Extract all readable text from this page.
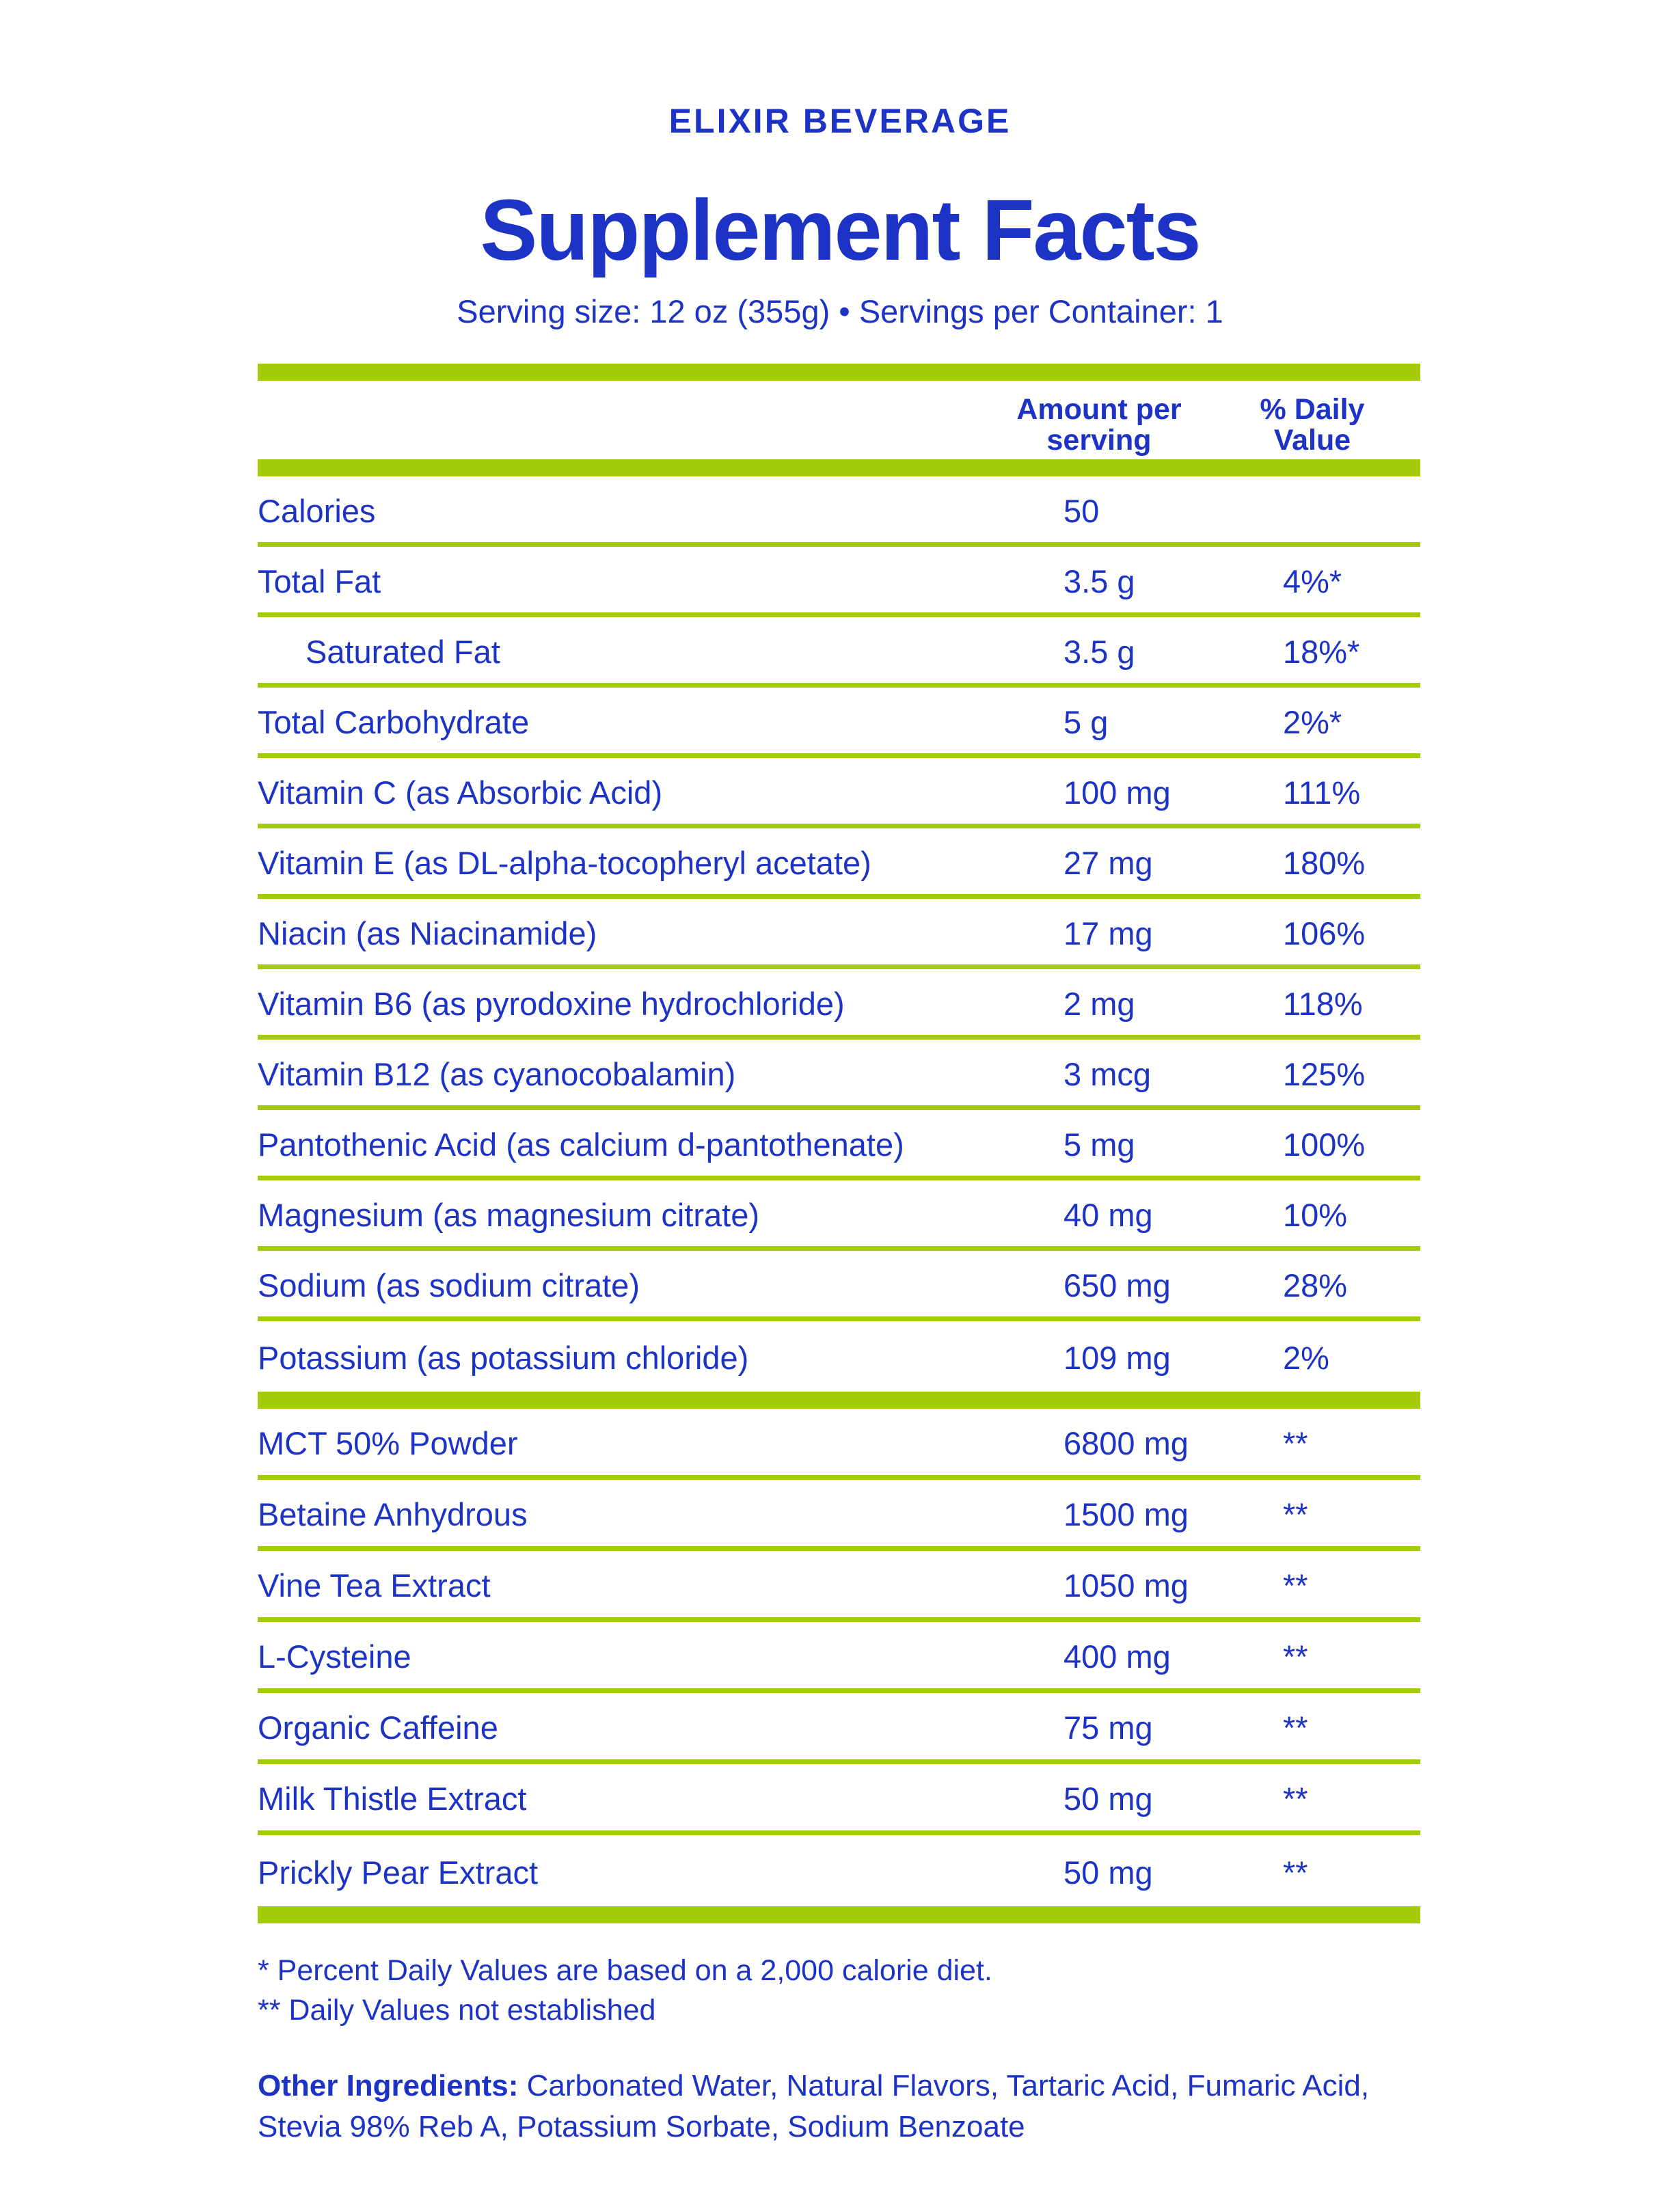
ELIXIR BEVERAGE
Supplement Facts
Serving size: 12 oz (355g) • Servings per Container: 1
Amount per
serving
% Daily
Value
Calories	50
Total Fat	3.5 g	4%*
Saturated Fat	3.5 g	18%*
Total Carbohydrate	5 g	2%*
Vitamin C (as Absorbic Acid)	100 mg	111%
Vitamin E (as DL-alpha-tocopheryl acetate)	27 mg	180%
Niacin (as Niacinamide)	17 mg	106%
Vitamin B6 (as pyrodoxine hydrochloride)	2 mg	118%
Vitamin B12 (as cyanocobalamin)	3 mcg	125%
Pantothenic Acid (as calcium d-pantothenate)	5 mg	100%
Magnesium (as magnesium citrate)	40 mg	10%
Sodium (as sodium citrate)	650 mg	28%
Potassium (as potassium chloride)	109 mg	2%
MCT 50% Powder	6800 mg	**
Betaine Anhydrous	1500 mg	**
Vine Tea Extract	1050 mg	**
L-Cysteine	400 mg	**
Organic Caffeine	75 mg	**
Milk Thistle Extract	50 mg	**
Prickly Pear Extract	50 mg	**
* Percent Daily Values are based on a 2,000 calorie diet.
** Daily Values not established

Other Ingredients: Carbonated Water, Natural Flavors, Tartaric Acid, Fumaric Acid, Stevia 98% Reb A, Potassium Sorbate, Sodium Benzoate
